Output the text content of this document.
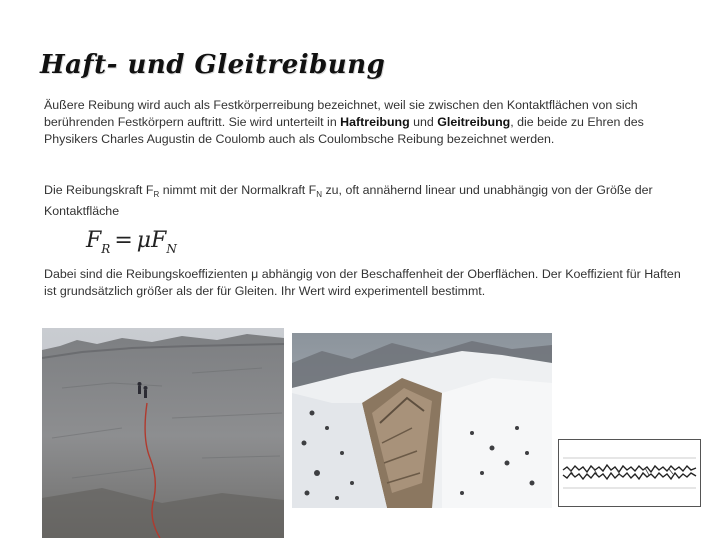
Haft- und Gleitreibung

Äußere Reibung wird auch als Festkörperreibung bezeichnet, weil sie zwischen den Kontaktflächen von sich berührenden Festkörpern auftritt. Sie wird unterteilt in Haftreibung und Gleitreibung, die beide zu Ehren des Physikers Charles Augustin de Coulomb auch als Coulombsche Reibung bezeichnet werden.

Die Reibungskraft $F_R$ nimmt mit der Normalkraft $F_N$ zu, oft annähernd linear und unabhängig von der Größe der Kontaktfläche

$F_R = \mu F_N$

Dabei sind die Reibungskoeffizienten μ abhängig von der Beschaffenheit der Oberflächen. Der Koeffizient für Haften ist grundsätzlich größer als der für Gleiten. Ihr Wert wird experimentell bestimmt.
